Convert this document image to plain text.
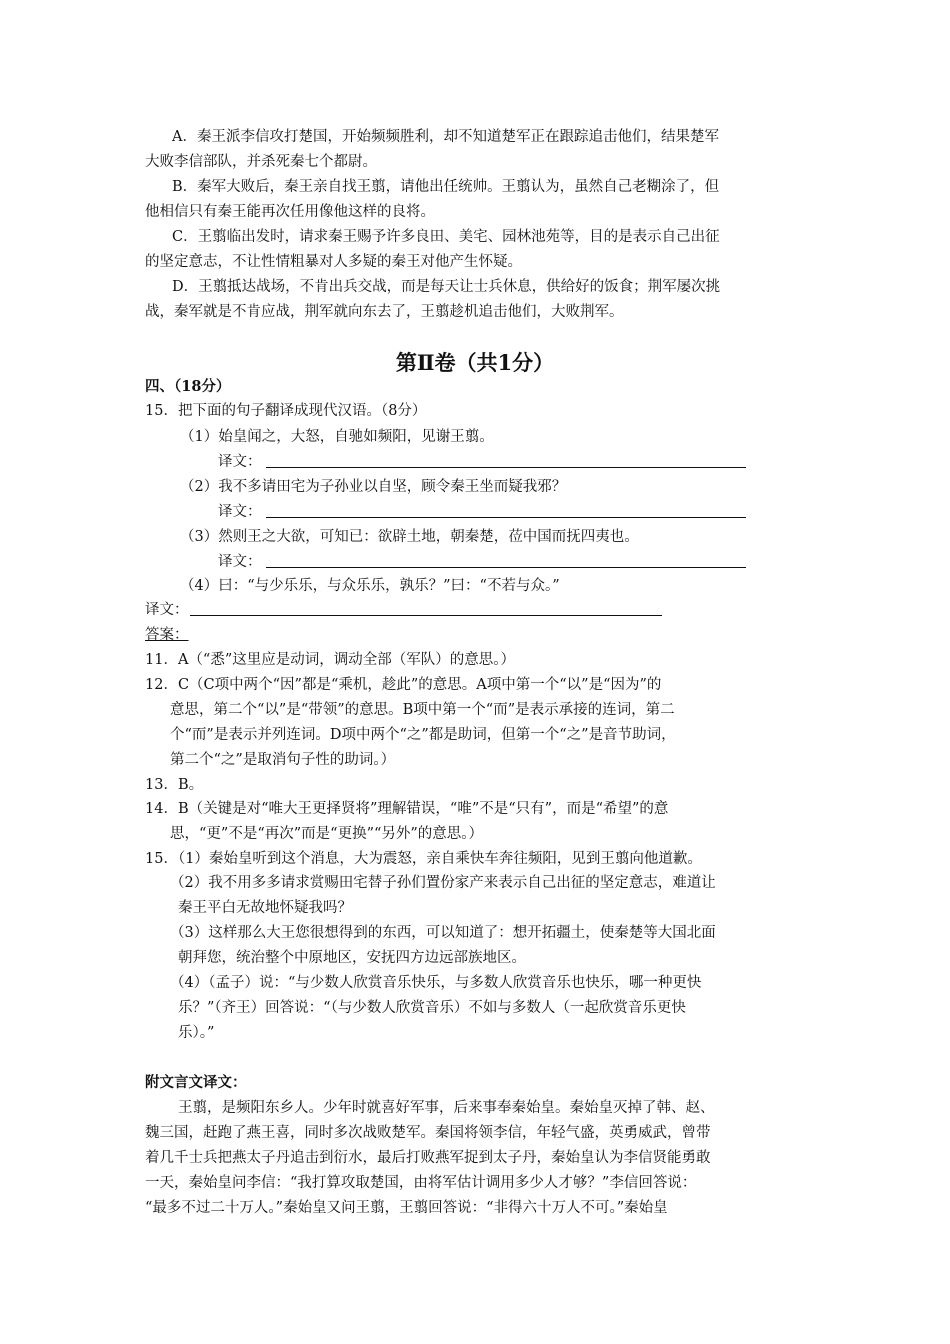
A．秦王派李信攻打楚国，开始频频胜利，却不知道楚军正在跟踪追击他们，结果楚军
大败李信部队，并杀死秦七个都尉。
B．秦军大败后，秦王亲自找王翦，请他出任统帅。王翦认为，虽然自己老糊涂了，但
他相信只有秦王能再次任用像他这样的良将。
C．王翦临出发时，请求秦王赐予许多良田、美宅、园林池苑等，目的是表示自己出征
的坚定意志，不让性情粗暴对人多疑的秦王对他产生怀疑。
D．王翦抵达战场，不肯出兵交战，而是每天让士兵休息，供给好的饭食；荆军屡次挑
战，秦军就是不肯应战，荆军就向东去了，王翦趁机追击他们，大败荆军。
第Ⅱ卷（共1分）
四、（18分）
15．把下面的句子翻译成现代汉语。（8分）
（1）始皇闻之，大怒，自驰如频阳，见谢王翦。
译文：
（2）我不多请田宅为子孙业以自坚，顾令秦王坐而疑我邪？
译文：
（3）然则王之大欲，可知已：欲辟土地，朝秦楚，莅中国而抚四夷也。
译文：
（4）曰：“与少乐乐，与众乐乐，孰乐？”曰：“不若与众。”
译文：
答案：
11．A（“悉”这里应是动词，调动全部（军队）的意思。）
12．C（C项中两个“因”都是“乘机，趁此”的意思。A项中第一个“以”是“因为”的
意思，第二个“以”是“带领”的意思。B项中第一个“而”是表示承接的连词，第二
个“而”是表示并列连词。D项中两个“之”都是助词，但第一个“之”是音节助词，
第二个“之”是取消句子性的助词。）
13．B。
14．B（关键是对“唯大王更择贤将”理解错误，“唯”不是“只有”，而是“希望”的意
思，“更”不是“再次”而是“更换”“另外”的意思。）
15．（1）秦始皇听到这个消息，大为震怒，亲自乘快车奔往频阳，见到王翦向他道歉。
（2）我不用多多请求赏赐田宅替子孙们置份家产来表示自己出征的坚定意志，难道让
秦王平白无故地怀疑我吗？
（3）这样那么大王您很想得到的东西，可以知道了：想开拓疆土，使秦楚等大国北面
朝拜您，统治整个中原地区，安抚四方边远部族地区。
（4）（孟子）说：“与少数人欣赏音乐快乐，与多数人欣赏音乐也快乐，哪一种更快
乐？”（齐王）回答说：“（与少数人欣赏音乐）不如与多数人（一起欣赏音乐更快
乐）。”
附文言文译文：
王翦，是频阳东乡人。少年时就喜好军事，后来事奉秦始皇。秦始皇灭掉了韩、赵、
魏三国，赶跑了燕王喜，同时多次战败楚军。秦国将领李信，年轻气盛，英勇威武，曾带
着几千士兵把燕太子丹追击到衍水，最后打败燕军捉到太子丹，秦始皇认为李信贤能勇敢
一天，秦始皇问李信：“我打算攻取楚国，由将军估计调用多少人才够？”李信回答说：
“最多不过二十万人。”秦始皇又问王翦，王翦回答说：“非得六十万人不可。”秦始皇
